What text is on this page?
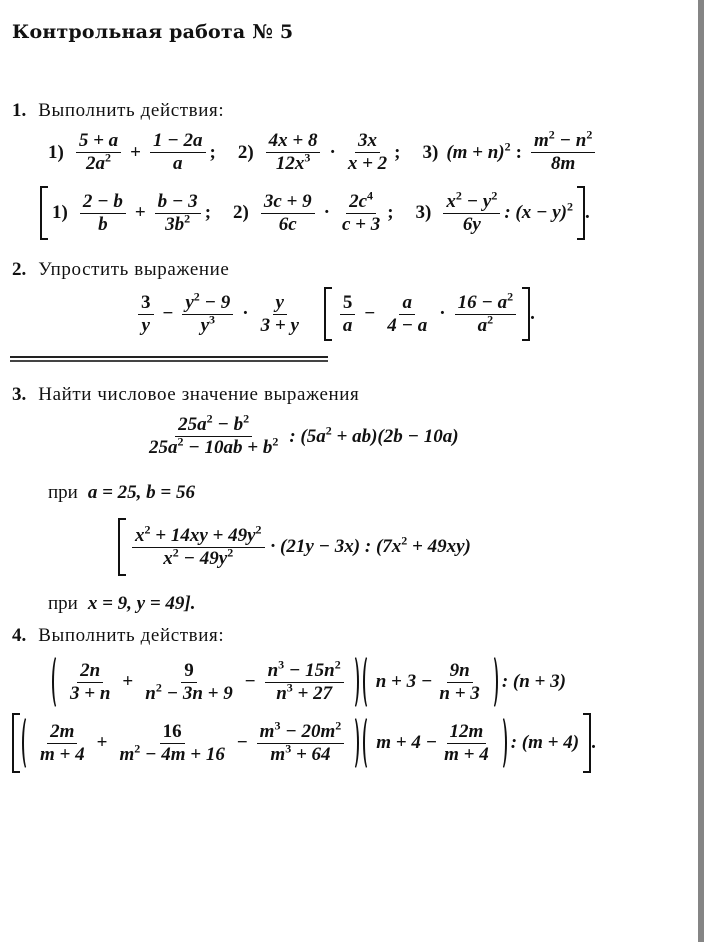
Контрольная работа № 5
1. Выполнить действия:
$1) \frac{5 + a}{2a^2} + \frac{1 - 2a}{a}$ ; $2) \frac{4x + 8}{12x^3} \cdot \frac{3x}{x + 2}$ ; 3) $(m + n)^2$ : $\frac{m^2 - n^2}{8m}$
$1) \frac{2 - b}{b} + \frac{b - 3}{3b^2}$ ; $2) \frac{3c + 9}{6c} \cdot \frac{2c^4}{c + 3}$ ; $3) \frac{x^2 - y^2}{6y}$ : $(x - y)^2$ .
2. Упростить выражение
$\frac{3}{y} - \frac{y^2 - 9}{y^3} \cdot \frac{y}{3 + y} \frac{5}{a} - \frac{a}{4 - a} \cdot \frac{16 - a^2}{a^2}$ .
3. Найти числовое значение выражения
$\frac{25a^2 - b^2}{25a^2 - 10ab + b^2}$ : $(5a^2 + ab)(2b - 10a)$
при a = 25, b = 56
$\frac{x^2 + 14xy + 49y^2}{x^2 - 49y^2} \cdot (21y - 3x)$ : $(7x^2 + 49xy)$
при x = 9, y = 49].
4. Выполнить действия:
$\frac{2n}{3 + n} + \frac{9}{n^2 - 3n + 9} - \frac{n^3 - 15n^2}{n^3 + 27}$ $n + 3 - \frac{9n}{n + 3}$ : (n + 3)
$\frac{2m}{m + 4} + \frac{16}{m^2 - 4m + 16} - \frac{m^3 - 20m^2}{m^3 + 64}$ $m + 4 - \frac{12m}{m + 4}$ : (m + 4) .
